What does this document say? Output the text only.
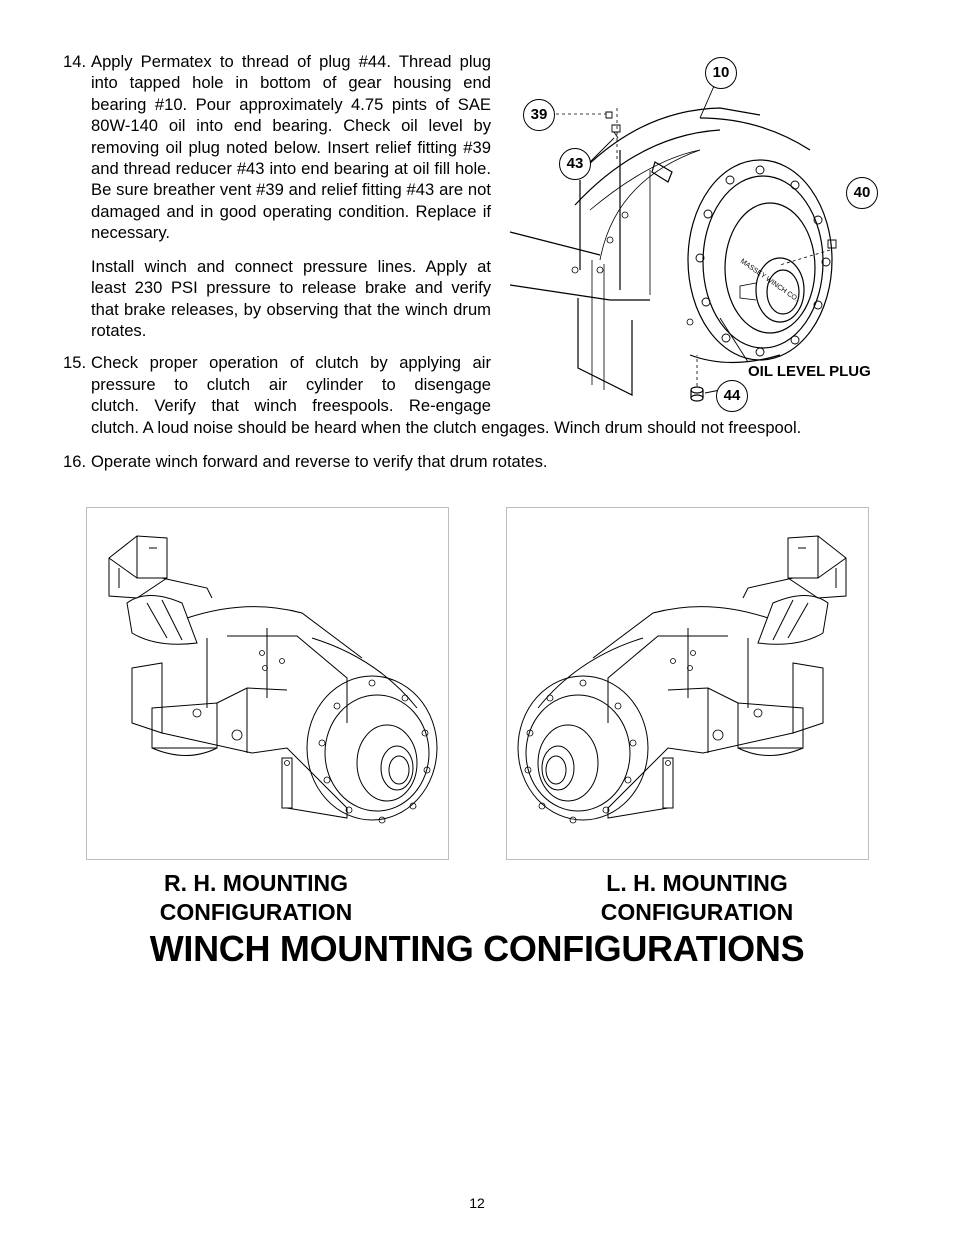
14. Apply Permatex to thread of plug #44. Thread plug into tapped hole in bottom of gear housing end bearing #10. Pour approximately 4.75 pints of SAE 80W-140 oil into end bearing. Check oil level by removing oil plug noted below. Insert relief fitting #39 and thread reducer #43 into end bearing at oil fill hole. Be sure breather vent #39 and relief fitting #43 are not damaged and in good operating condition. Replace if necessary.

Install winch and connect pressure lines. Apply at least 230 PSI pressure to release brake and verify that brake releases, by observing that the winch drum rotates.

15. Check proper operation of clutch by applying air

pressure to clutch air cylinder to disengage

clutch. Verify that winch freespools. Re-engage

clutch. A loud noise should be heard when the clutch engages. Winch drum should not freespool.

16. Operate winch forward and reverse to verify that drum rotates.

MASSEY WINCH CO.
10
39
43
40
44
OIL LEVEL PLUG
R. H. MOUNTING
CONFIGURATION
L. H. MOUNTING
CONFIGURATION
WINCH MOUNTING CONFIGURATIONS
12
